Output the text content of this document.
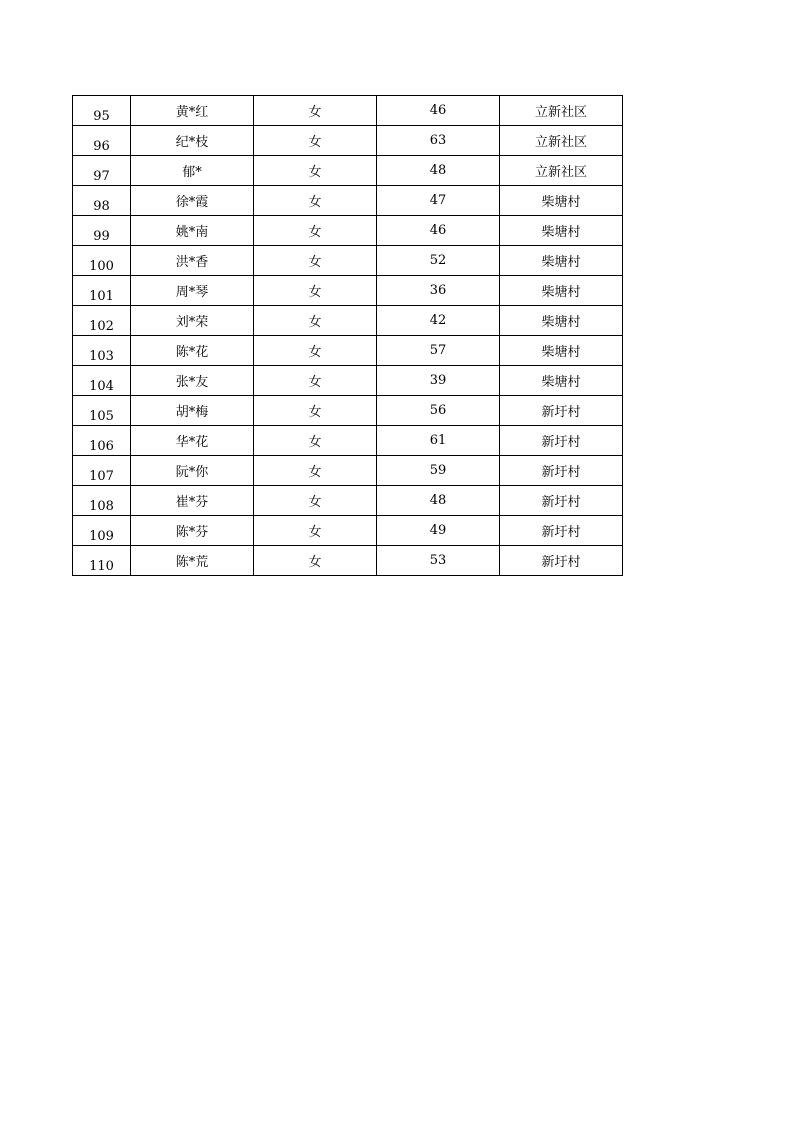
95	黄*红	女	46	立新社区
96	纪*枝	女	63	立新社区
97	郁*	女	48	立新社区
98	徐*霞	女	47	柴塘村
99	姚*南	女	46	柴塘村
100	洪*香	女	52	柴塘村
101	周*琴	女	36	柴塘村
102	刘*荣	女	42	柴塘村
103	陈*花	女	57	柴塘村
104	张*友	女	39	柴塘村
105	胡*梅	女	56	新圩村
106	华*花	女	61	新圩村
107	阮*你	女	59	新圩村
108	崔*芬	女	48	新圩村
109	陈*芬	女	49	新圩村
110	陈*荒	女	53	新圩村
